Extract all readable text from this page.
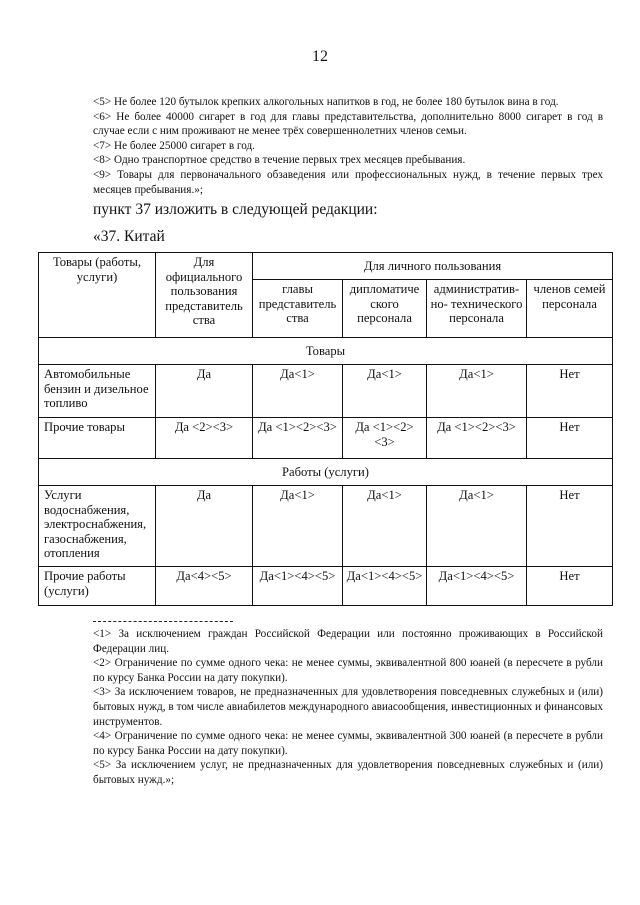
12

<5> Не более 120 бутылок крепких алкогольных напитков в год, не более 180 бутылок вина в год.

<6> Не более 40000 сигарет в год для главы представительства, дополнительно 8000 сигарет в год в случае если с ним проживают не менее трёх совершеннолетних членов семьи.

<7> Не более 25000 сигарет в год.

<8> Одно транспортное средство в течение первых трех месяцев пребывания.

<9> Товары для первоначального обзаведения или профессиональных нужд, в течение первых трех месяцев пребывания.»;

пункт 37 изложить в следующей редакции:
«37. Китай
Товары (работы, услуги)	Для официального пользования представитель ства	Для личного пользования			
		главы представитель ства	дипломатиче ского персонала	административ- но- технического персонала	членов семей персонала
Товары					
Автомобильные бензин и дизельное топливо	Да	Да<1>	Да<1>	Да<1>	Нет
Прочие товары	Да <2><3>	Да <1><2><3>	Да <1><2><3>	Да <1><2><3>	Нет
Работы (услуги)					
Услуги водоснабжения, электроснабжения, газоснабжения, отопления	Да	Да<1>	Да<1>	Да<1>	Нет
Прочие работы (услуги)	Да<4><5>	Да<1><4><5>	Да<1><4><5>	Да<1><4><5>	Нет

<1> За исключением граждан Российской Федерации или постоянно проживающих в Российской Федерации лиц.

<2> Ограничение по сумме одного чека: не менее суммы, эквивалентной 800 юаней (в пересчете в рубли по курсу Банка России на дату покупки).

<3> За исключением товаров, не предназначенных для удовлетворения повседневных служебных и (или) бытовых нужд, в том числе авиабилетов международного авиасообщения, инвестиционных и финансовых инструментов.

<4> Ограничение по сумме одного чека: не менее суммы, эквивалентной 300 юаней (в пересчете в рубли по курсу Банка России на дату покупки).

<5> За исключением услуг, не предназначенных для удовлетворения повседневных служебных и (или) бытовых нужд.»;
